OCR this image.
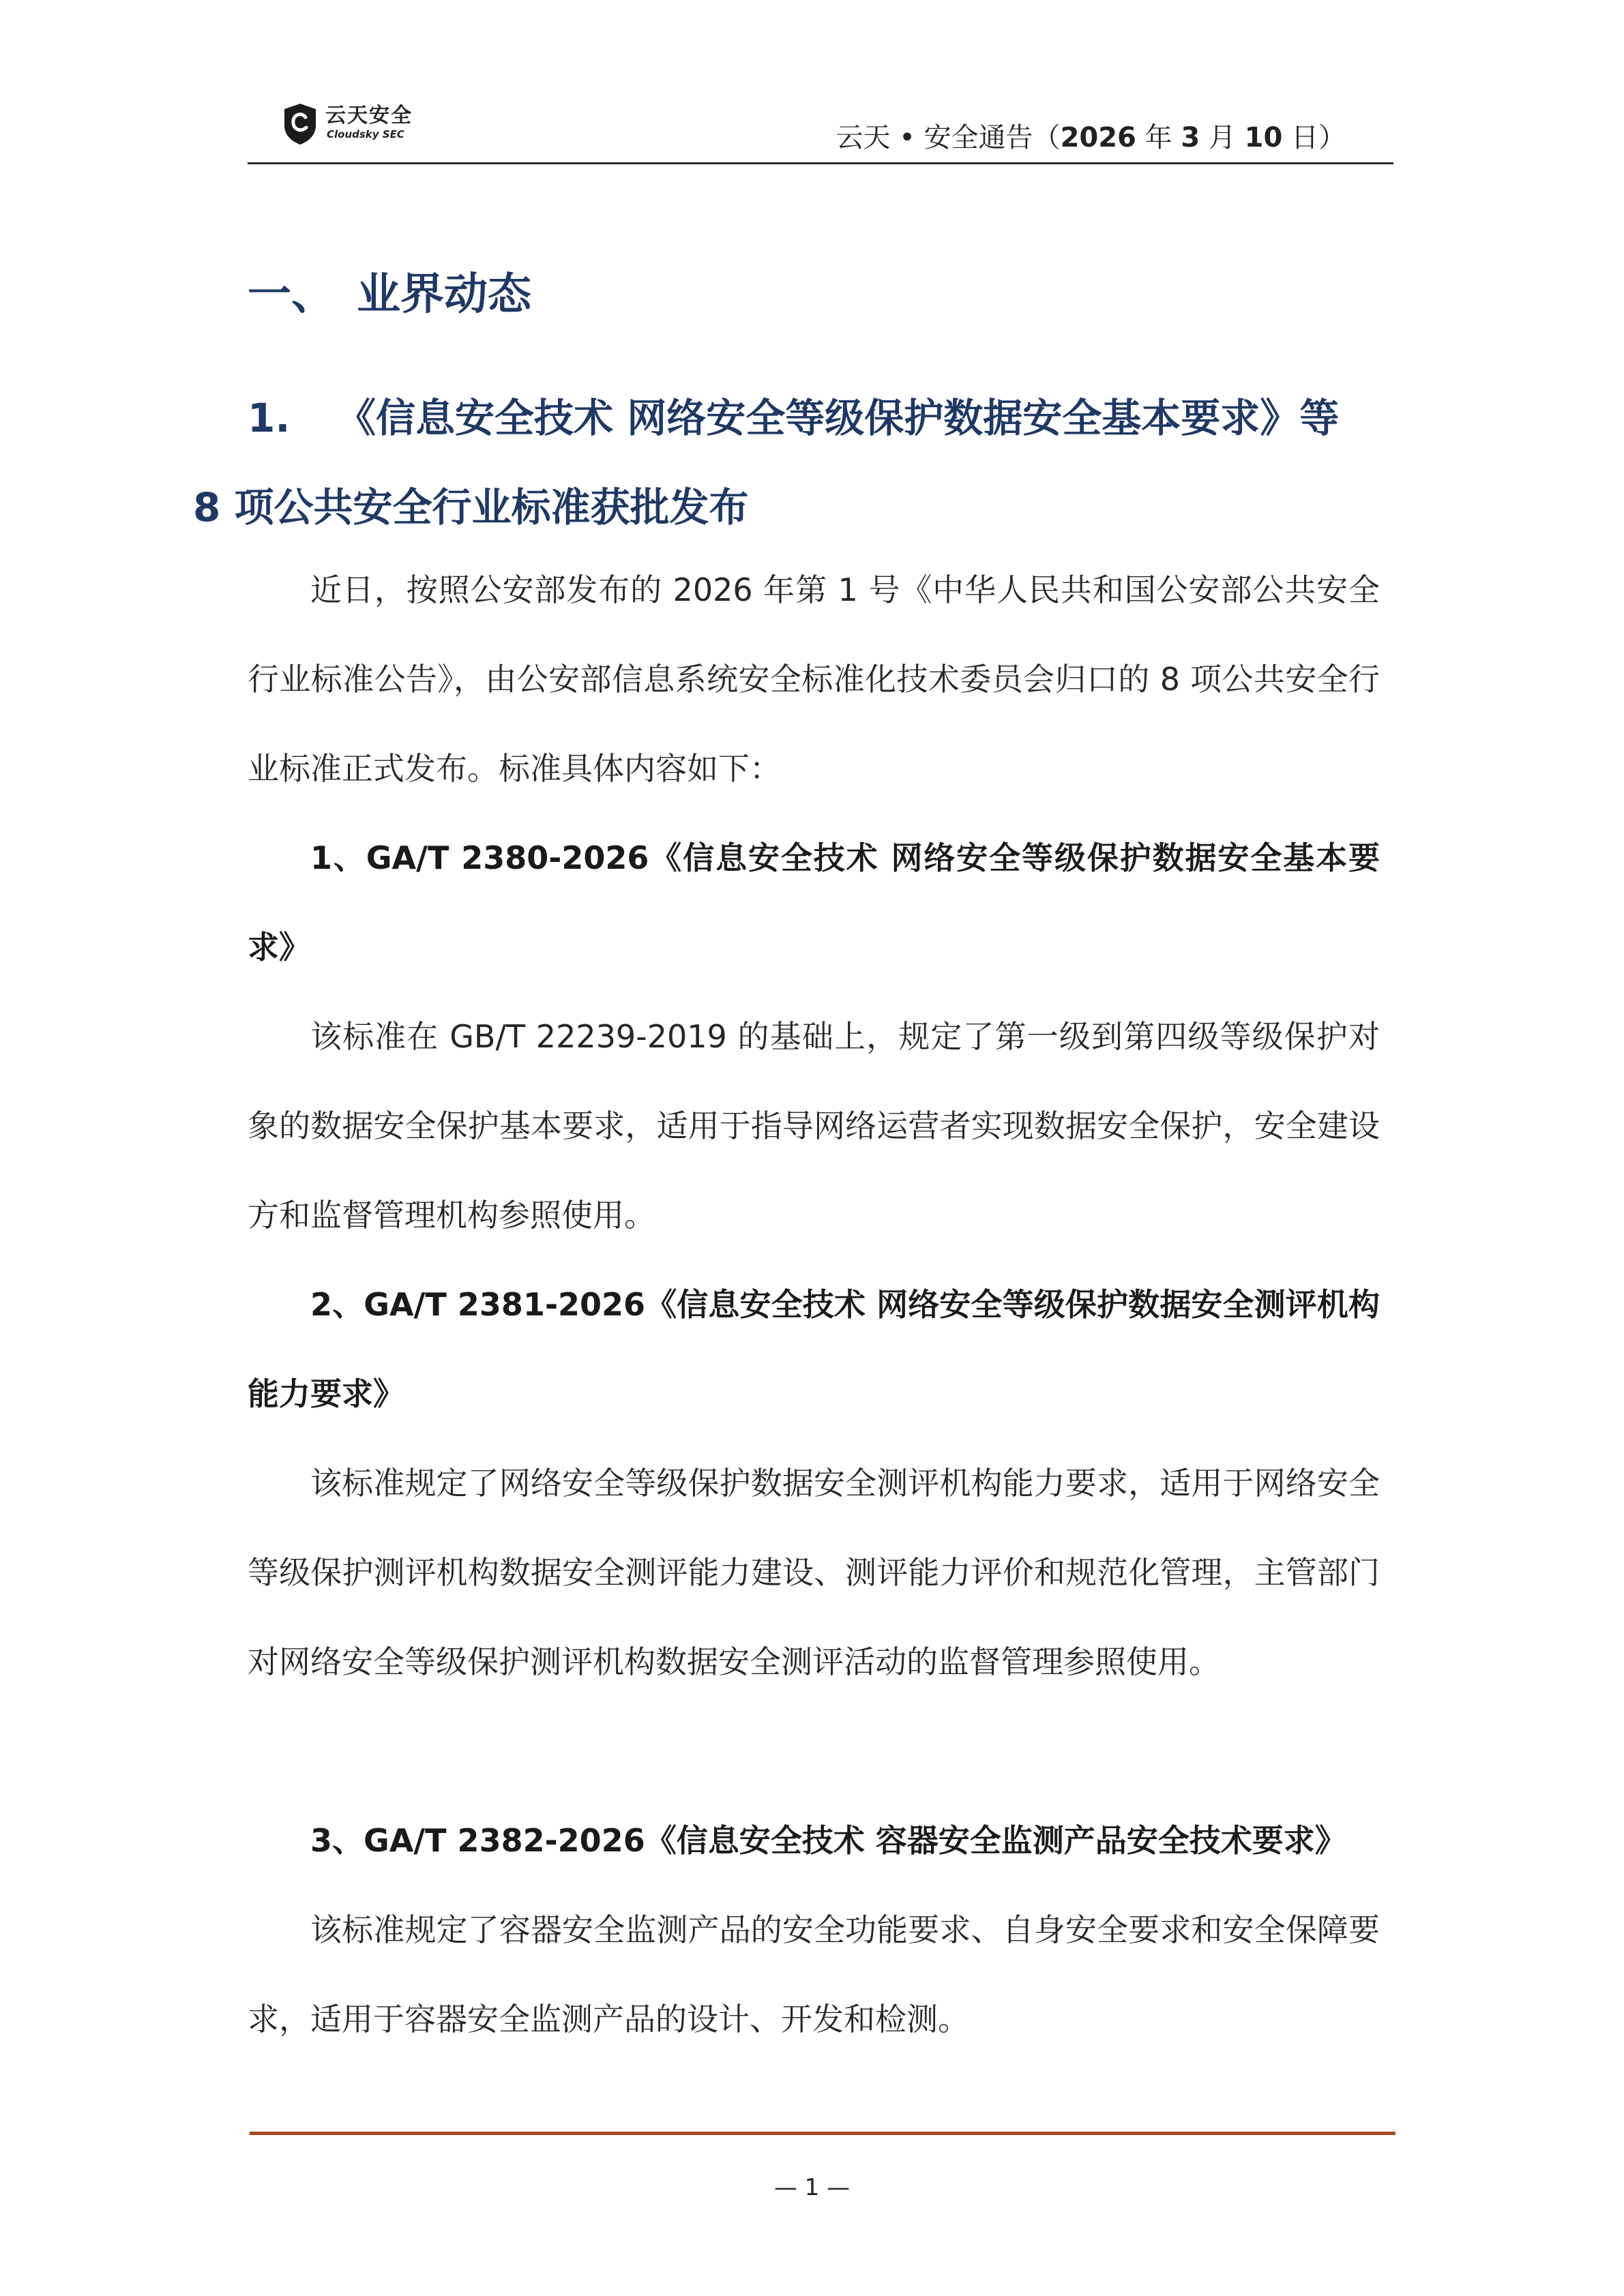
云天安全
Cloudsky SEC	云天 • 安全通告（2026 年 3 月 10 日）
一、 业界动态
1. 《信息安全技术 网络安全等级保护数据安全基本要求》等 8 项公共安全行业标准获批发布
近日，按照公安部发布的 2026 年第 1 号《中华人民共和国公安部公共安全行业标准公告》，由公安部信息系统安全标准化技术委员会归口的 8 项公共安全行业标准正式发布。标准具体内容如下：
1、GA/T 2380-2026《信息安全技术 网络安全等级保护数据安全基本要求》
该标准在 GB/T 22239-2019 的基础上，规定了第一级到第四级等级保护对象的数据安全保护基本要求，适用于指导网络运营者实现数据安全保护，安全建设方和监督管理机构参照使用。
2、GA/T 2381-2026《信息安全技术 网络安全等级保护数据安全测评机构能力要求》
该标准规定了网络安全等级保护数据安全测评机构能力要求，适用于网络安全等级保护测评机构数据安全测评能力建设、测评能力评价和规范化管理，主管部门对网络安全等级保护测评机构数据安全测评活动的监督管理参照使用。
3、GA/T 2382-2026《信息安全技术 容器安全监测产品安全技术要求》
该标准规定了容器安全监测产品的安全功能要求、自身安全要求和安全保障要求，适用于容器安全监测产品的设计、开发和检测。
— 1 —
